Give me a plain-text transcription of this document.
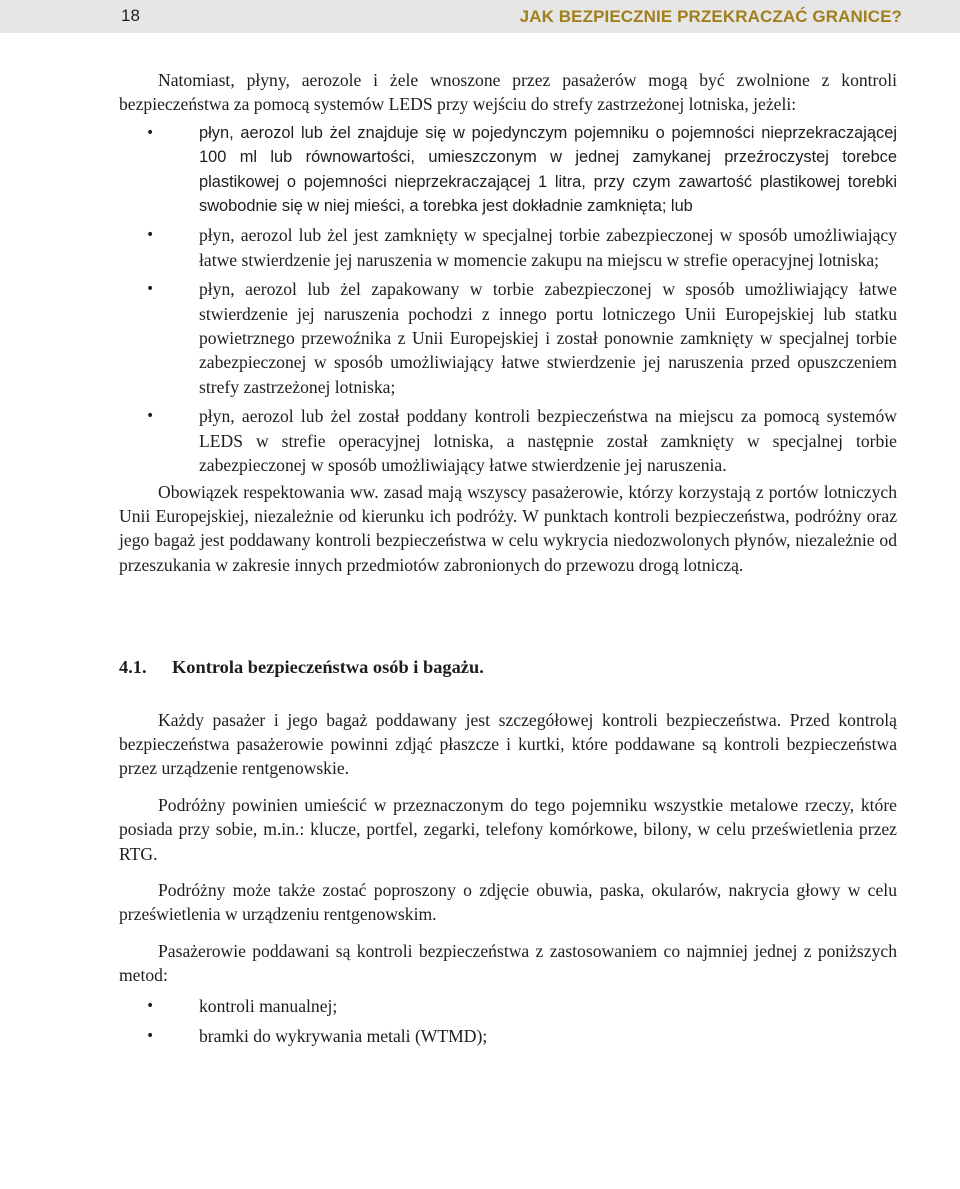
18	JAK BEZPIECZNIE PRZEKRACZAĆ GRANICE?

Natomiast, płyny, aerozole i żele wnoszone przez pasażerów mogą być zwolnione z kontroli bezpieczeństwa za pomocą systemów LEDS przy wejściu do strefy zastrzeżonej lotniska, jeżeli:

• płyn, aerozol lub żel znajduje się w pojedynczym pojemniku o pojemności nieprzekraczającej 100 ml lub równowartości, umieszczonym w jednej zamykanej przeźroczystej torebce plastikowej o pojemności nieprzekraczającej 1 litra, przy czym zawartość plastikowej torebki swobodnie się w niej mieści, a torebka jest dokładnie zamknięta; lub
• płyn, aerozol lub żel jest zamknięty w specjalnej torbie zabezpieczonej w sposób umożliwiający łatwe stwierdzenie jej naruszenia w momencie zakupu na miejscu w strefie operacyjnej lotniska;
• płyn, aerozol lub żel zapakowany w torbie zabezpieczonej w sposób umożliwiający łatwe stwierdzenie jej naruszenia pochodzi z innego portu lotniczego Unii Europejskiej lub statku powietrznego przewoźnika z Unii Europejskiej i został ponownie zamknięty w specjalnej torbie zabezpieczonej w sposób umożliwiający łatwe stwierdzenie jej naruszenia przed opuszczeniem strefy zastrzeżonej lotniska;
• płyn, aerozol lub żel został poddany kontroli bezpieczeństwa na miejscu za pomocą systemów LEDS w strefie operacyjnej lotniska, a następnie został zamknięty w specjalnej torbie zabezpieczonej w sposób umożliwiający łatwe stwierdzenie jej naruszenia.

Obowiązek respektowania ww. zasad mają wszyscy pasażerowie, którzy korzystają z portów lotniczych Unii Europejskiej, niezależnie od kierunku ich podróży. W punktach kontroli bezpieczeństwa, podróżny oraz jego bagaż jest poddawany kontroli bezpieczeństwa w celu wykrycia niedozwolonych płynów, niezależnie od przeszukania w zakresie innych przedmiotów zabronionych do przewozu drogą lotniczą.

4.1. Kontrola bezpieczeństwa osób i bagażu.

Każdy pasażer i jego bagaż poddawany jest szczegółowej kontroli bezpieczeństwa. Przed kontrolą bezpieczeństwa pasażerowie powinni zdjąć płaszcze i kurtki, które poddawane są kontroli bezpieczeństwa przez urządzenie rentgenowskie.

Podróżny powinien umieścić w przeznaczonym do tego pojemniku wszystkie metalowe rzeczy, które posiada przy sobie, m.in.: klucze, portfel, zegarki, telefony komórkowe, bilony, w celu prześwietlenia przez RTG.

Podróżny może także zostać poproszony o zdjęcie obuwia, paska, okularów, nakrycia głowy w celu prześwietlenia w urządzeniu rentgenowskim.

Pasażerowie poddawani są kontroli bezpieczeństwa z zastosowaniem co najmniej jednej z poniższych metod:

• kontroli manualnej;
• bramki do wykrywania metali (WTMD);
